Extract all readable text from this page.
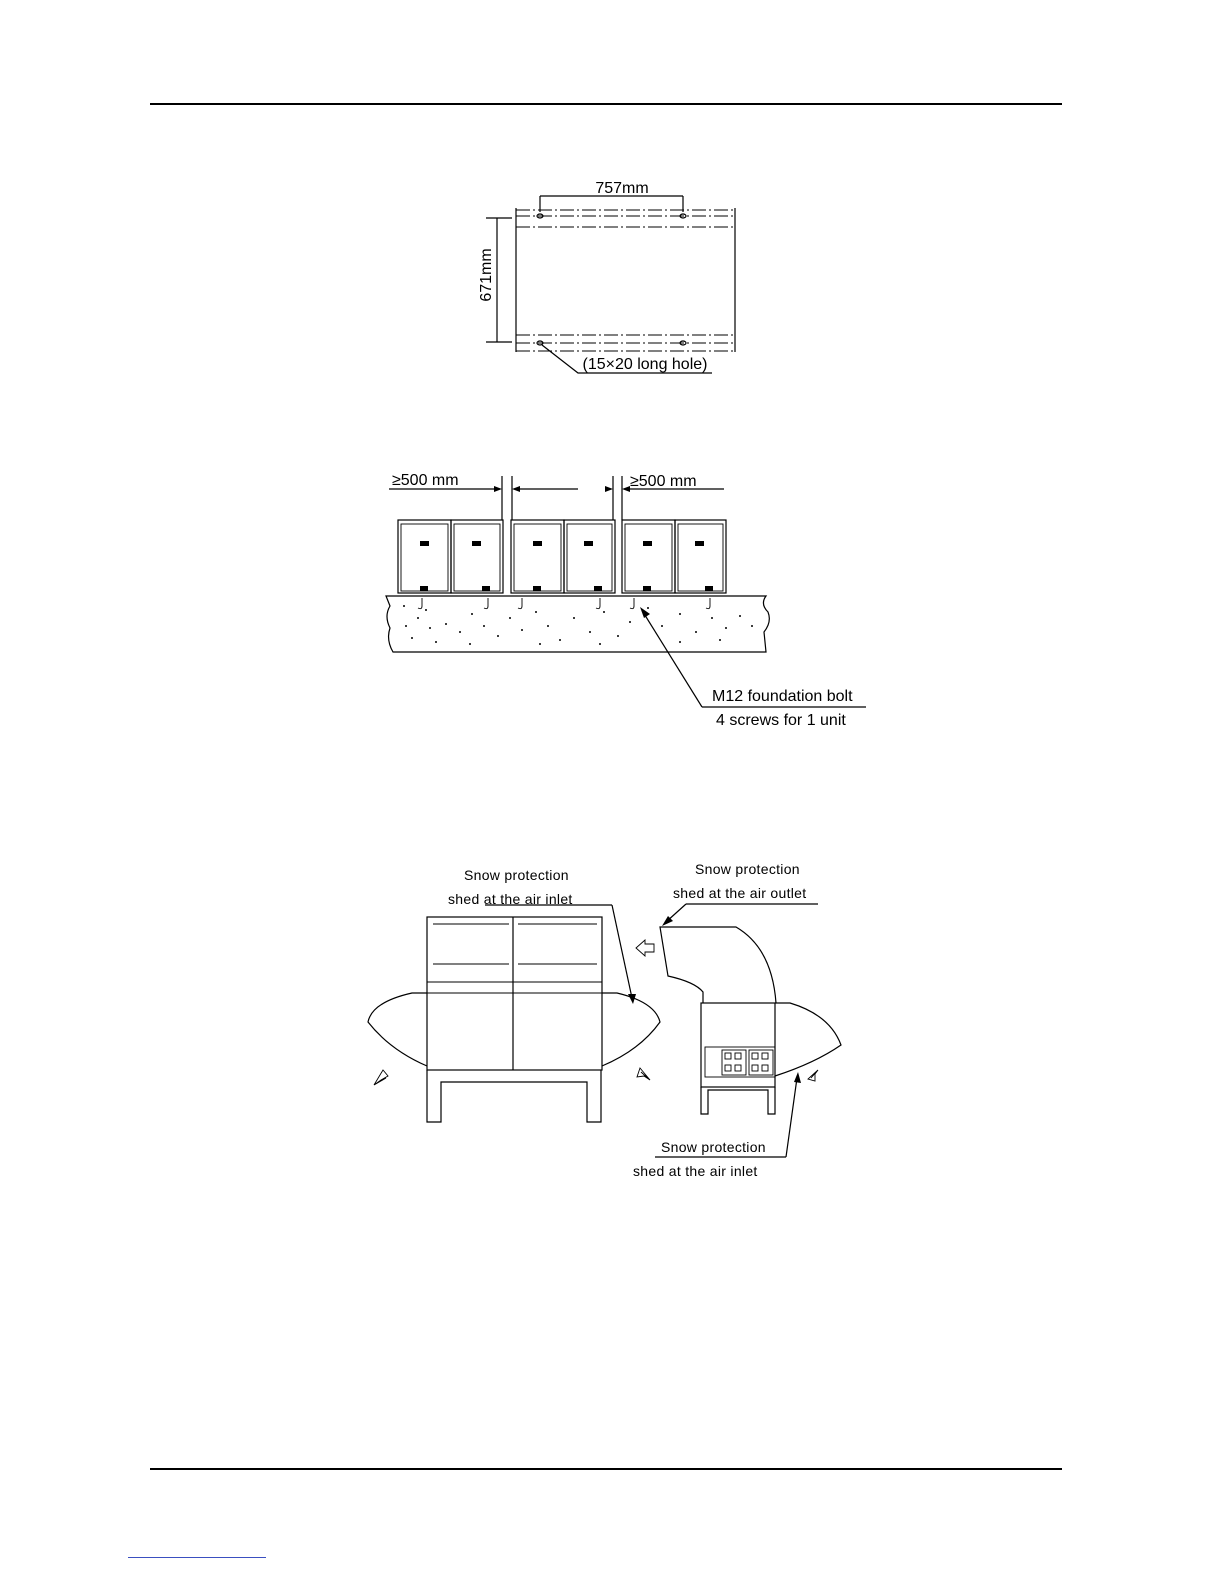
757mm
671mm
(15×20 long hole)
≥500 mm	≥500 mm
M12 foundation bolt
4 screws for 1 unit
Snow protection
shed at the air inlet
Snow protection
shed at the air outlet
Snow protection
shed at the air inlet
